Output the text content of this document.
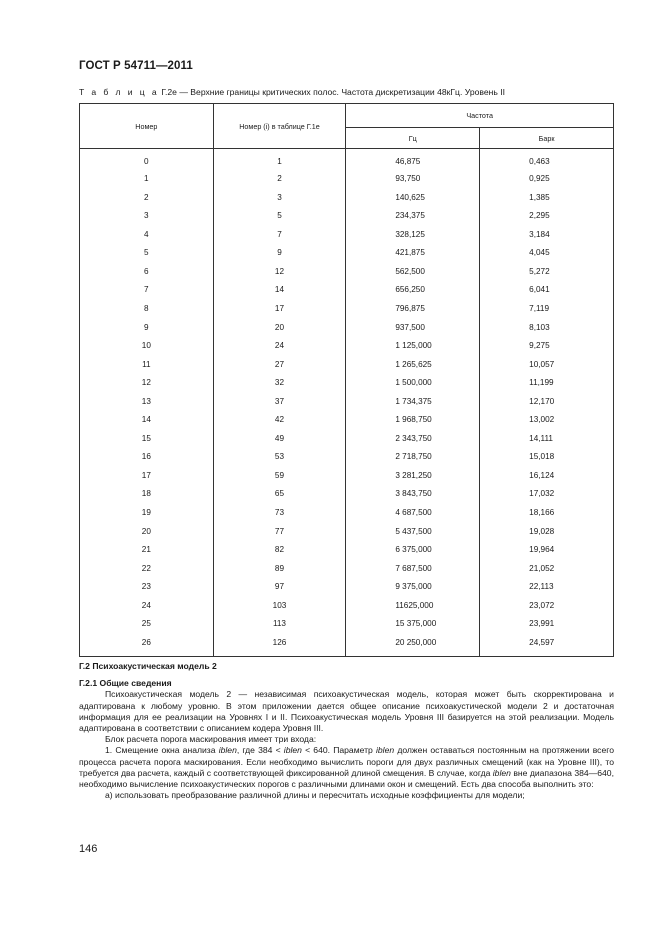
ГОСТ Р 54711—2011
Т а б л и ц а Г.2е — Верхние границы критических полос. Частота дискретизации 48кГц. Уровень II
Номер	Номер (i) в таблице Г.1е	Частота	
		Гц	Барк
0	1	46,875	0,463
1	2	93,750	0,925
2	3	140,625	1,385
3	5	234,375	2,295
4	7	328,125	3,184
5	9	421,875	4,045
6	12	562,500	5,272
7	14	656,250	6,041
8	17	796,875	7,119
9	20	937,500	8,103
10	24	1 125,000	9,275
11	27	1 265,625	10,057
12	32	1 500,000	11,199
13	37	1 734,375	12,170
14	42	1 968,750	13,002
15	49	2 343,750	14,111
16	53	2 718,750	15,018
17	59	3 281,250	16,124
18	65	3 843,750	17,032
19	73	4 687,500	18,166
20	77	5 437,500	19,028
21	82	6 375,000	19,964
22	89	7 687,500	21,052
23	97	9 375,000	22,113
24	103	11625,000	23,072
25	113	15 375,000	23,991
26	126	20 250,000	24,597

Г.2 Психоакустическая модель 2

Г.2.1 Общие сведения

Психоакустическая модель 2 — независимая психоакустическая модель, которая может быть скорректирована и адаптирована к любому уровню. В этом приложении дается общее описание психоакустической модели 2 и достаточная информация для ее реализации на Уровнях I и II. Психоакустическая модель Уровня III базируется на этой реализации. Модель адаптирована в соответствии с описанием кодера Уровня III.

Блок расчета порога маскирования имеет три входа:

1. Смещение окна анализа iblen, где 384 < iblen < 640. Параметр iblen должен оставаться постоянным на протяжении всего процесса расчета порога маскирования. Если необходимо вычислить пороги для двух различных смещений (как на Уровне III), то требуется два расчета, каждый с соответствующей фиксированной длиной смещения. В случае, когда iblen вне диапазона 384—640, необходимо вычисление психоакустических порогов с различными длинами окон и смещений. Есть два способа выполнить это:

а) использовать преобразование различной длины и пересчитать исходные коэффициенты для модели;

146
